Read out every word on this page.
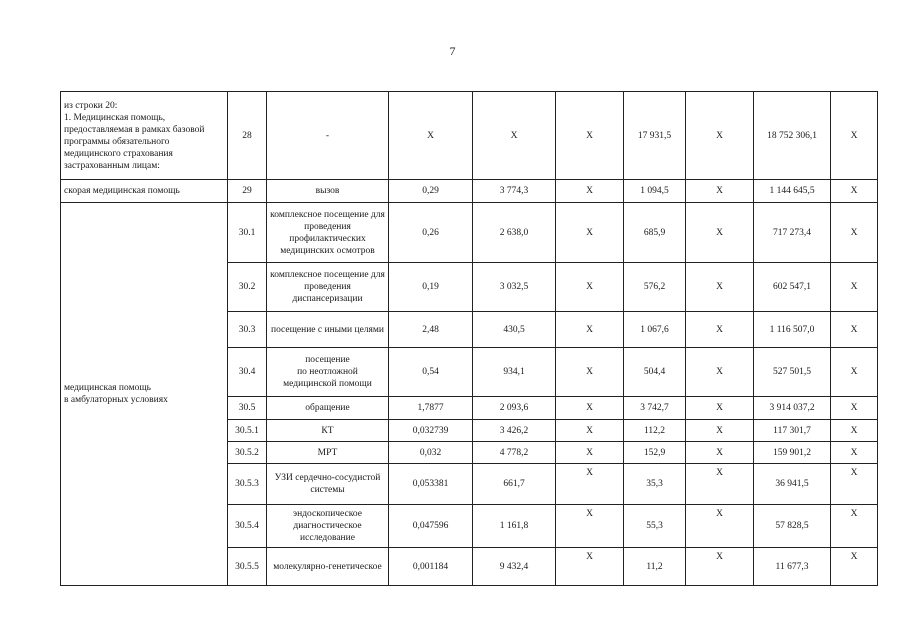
7
из строки 20:
1. Медицинская помощь, предоставляемая в рамках базовой программы обязательного медицинского страхования застрахованным лицам:	28	-	X	X	X	17 931,5	X	18 752 306,1	X
скорая медицинская помощь	29	вызов	0,29	3 774,3	X	1 094,5	X	1 144 645,5	X
медицинская помощь
в амбулаторных условиях	30.1	комплексное посещение для проведения профилактических медицинских осмотров	0,26	2 638,0	X	685,9	X	717 273,4	X
	30.2	комплексное посещение для проведения диспансеризации	0,19	3 032,5	X	576,2	X	602 547,1	X
	30.3	посещение с иными целями	2,48	430,5	X	1 067,6	X	1 116 507,0	X
	30.4	посещение
по неотложной медицинской помощи	0,54	934,1	X	504,4	X	527 501,5	X
	30.5	обращение	1,7877	2 093,6	X	3 742,7	X	3 914 037,2	X
	30.5.1	КТ	0,032739	3 426,2	X	112,2	X	117 301,7	X
	30.5.2	МРТ	0,032	4 778,2	X	152,9	X	159 901,2	X
	30.5.3	УЗИ сердечно-сосудистой системы	0,053381	661,7	X	35,3	X	36 941,5	X
	30.5.4	эндоскопическое диагностическое исследование	0,047596	1 161,8	X	55,3	X	57 828,5	X
	30.5.5	молекулярно-генетическое	0,001184	9 432,4	X	11,2	X	11 677,3	X
